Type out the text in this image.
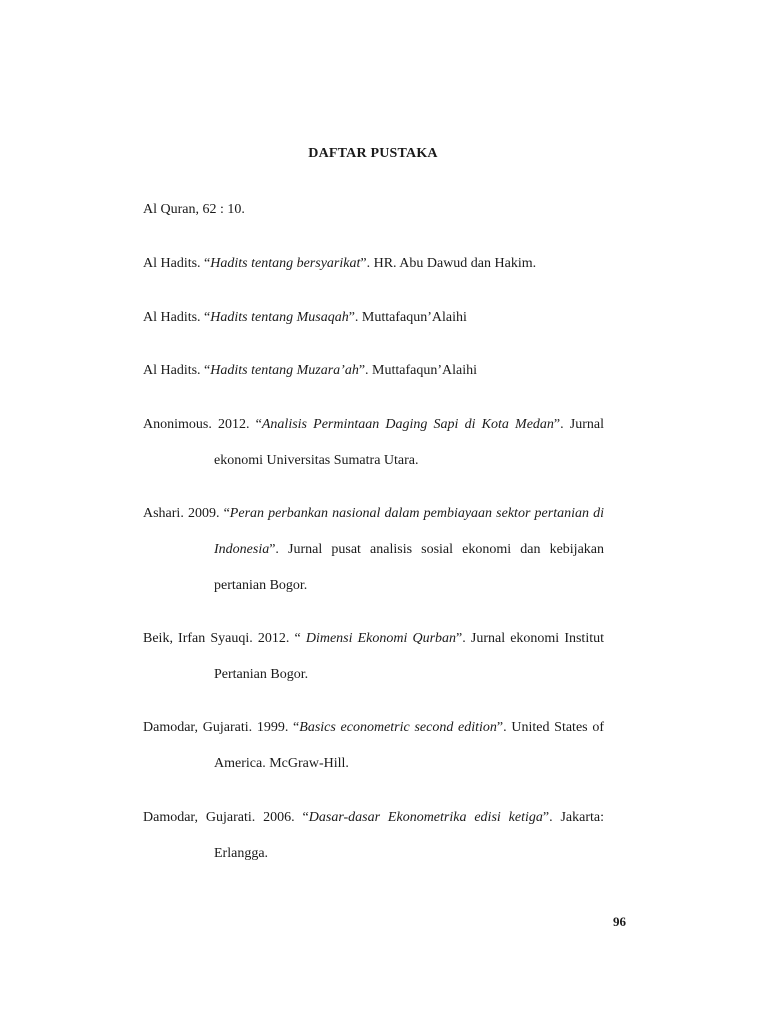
DAFTAR PUSTAKA
Al Quran, 62 : 10.
Al Hadits. “Hadits tentang bersyarikat”. HR. Abu Dawud dan Hakim.
Al Hadits. “Hadits tentang Musaqah”. Muttafaqun’Alaihi
Al Hadits. “Hadits tentang Muzara’ah”. Muttafaqun’Alaihi
Anonimous. 2012. “Analisis Permintaan Daging Sapi di Kota Medan”. Jurnal ekonomi Universitas Sumatra Utara.
Ashari. 2009. “Peran perbankan nasional dalam pembiayaan sektor pertanian di Indonesia”. Jurnal pusat analisis sosial ekonomi dan kebijakan pertanian Bogor.
Beik, Irfan Syauqi. 2012. “ Dimensi Ekonomi Qurban”. Jurnal ekonomi Institut Pertanian Bogor.
Damodar, Gujarati. 1999. “Basics econometric second edition”. United States of America. McGraw-Hill.
Damodar, Gujarati. 2006. “Dasar-dasar Ekonometrika edisi ketiga”. Jakarta: Erlangga.
96
